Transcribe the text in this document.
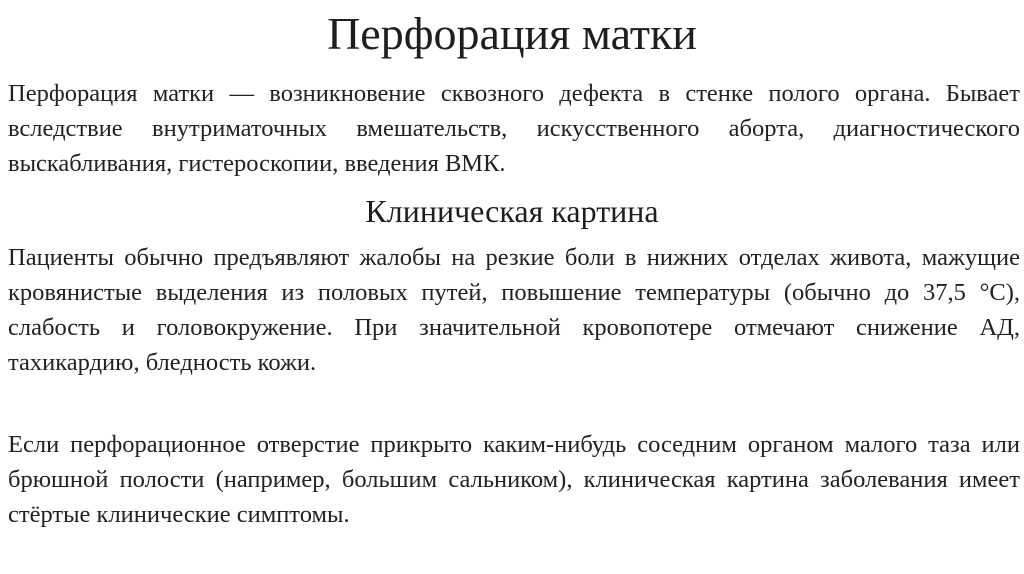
Перфорация матки
Перфорация матки — возникновение сквозного дефекта в стенке полого органа. Бывает вследствие внутриматочных вмешательств, искусственного аборта, диагностического выскабливания, гистероскопии, введения ВМК.
Клиническая картина
Пациенты обычно предъявляют жалобы на резкие боли в нижних отделах живота, мажущие кровянистые выделения из половых путей, повышение температуры (обычно до 37,5 °С), слабость и головокружение. При значительной кровопотере отмечают снижение АД, тахикардию, бледность кожи.
Если перфорационное отверстие прикрыто каким-нибудь соседним органом малого таза или брюшной полости (например, большим сальником), клиническая картина заболевания имеет стёртые клинические симптомы.
